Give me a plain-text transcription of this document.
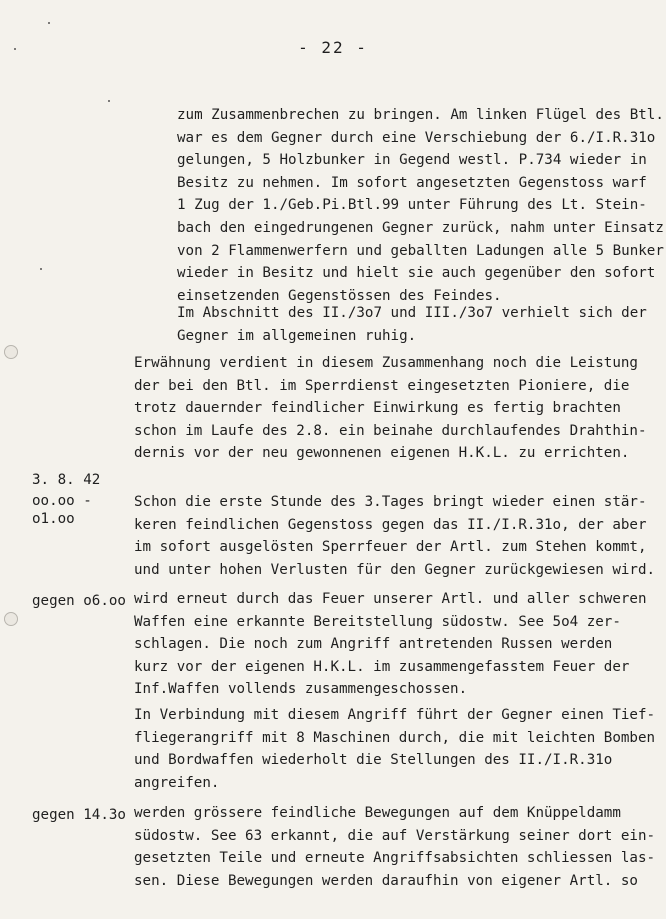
- 22 -
zum Zusammenbrechen zu bringen. Am linken Flügel des Btl.
war es dem Gegner durch eine Verschiebung der 6./I.R.31o
gelungen, 5 Holzbunker in Gegend westl. P.734 wieder in
Besitz zu nehmen. Im sofort angesetzten Gegenstoss warf
1 Zug der 1./Geb.Pi.Btl.99 unter Führung des Lt. Stein-
bach den eingedrungenen Gegner zurück, nahm unter Einsatz
von 2 Flammenwerfern und geballten Ladungen alle 5 Bunker
wieder in Besitz und hielt sie auch gegenüber den sofort
einsetzenden Gegenstössen des Feindes.
Im Abschnitt des II./3o7 und III./3o7 verhielt sich der
Gegner im allgemeinen ruhig.
Erwähnung verdient in diesem Zusammenhang noch die Leistung
der bei den Btl. im Sperrdienst eingesetzten Pioniere, die
trotz dauernder feindlicher Einwirkung es fertig brachten
schon im Laufe des 2.8. ein beinahe durchlaufendes Drahthin-
dernis vor der neu gewonnenen eigenen H.K.L. zu errichten.
3. 8. 42
oo.oo -
o1.oo
Schon die erste Stunde des 3.Tages bringt wieder einen stär-
keren feindlichen Gegenstoss gegen das II./I.R.31o, der aber
im sofort ausgelösten Sperrfeuer der Artl. zum Stehen kommt,
und unter hohen Verlusten für den Gegner zurückgewiesen wird.
gegen o6.oo wird erneut durch das Feuer unserer Artl. und aller schweren
Waffen eine erkannte Bereitstellung südostw. See 5o4 zer-
schlagen. Die noch zum Angriff antretenden Russen werden
kurz vor der eigenen H.K.L. im zusammengefasstem Feuer der
Inf.Waffen vollends zusammengeschossen.
In Verbindung mit diesem Angriff führt der Gegner einen Tief-
fliegerangriff mit 8 Maschinen durch, die mit leichten Bomben
und Bordwaffen wiederholt die Stellungen des II./I.R.31o
angreifen.
gegen 14.3o werden grössere feindliche Bewegungen auf dem Knüppeldamm
südostw. See 63 erkannt, die auf Verstärkung seiner dort ein-
gesetzten Teile und erneute Angriffsabsichten schliessen las-
sen. Diese Bewegungen werden daraufhin von eigener Artl. so
